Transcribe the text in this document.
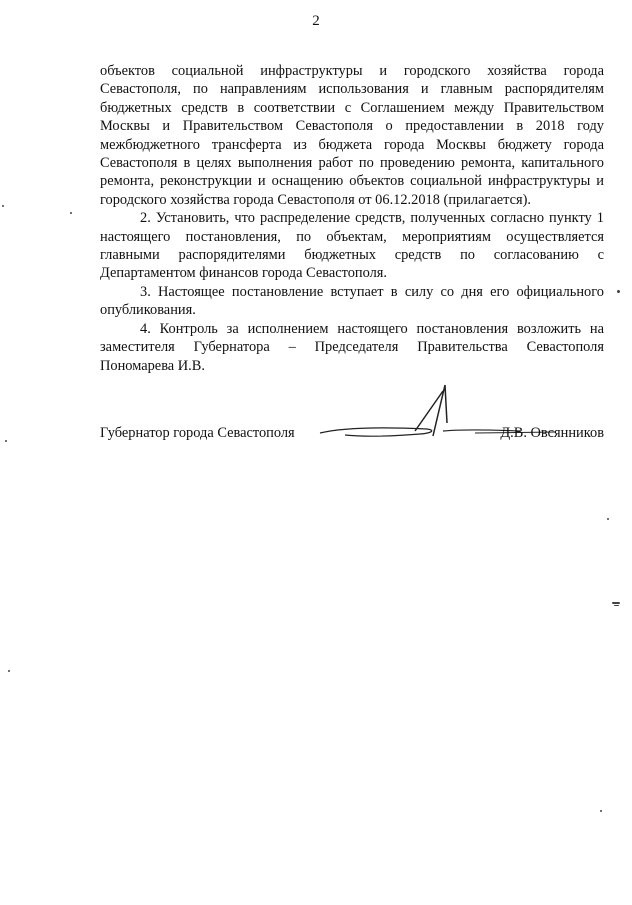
2

объектов социальной инфраструктуры и городского хозяйства города Севастополя, по направлениям использования и главным распорядителям бюджетных средств в соответствии с Соглашением между Правительством Москвы и Правительством Севастополя о предоставлении в 2018 году межбюджетного трансферта из бюджета города Москвы бюджету города Севастополя в целях выполнения работ по проведению ремонта, капитального ремонта, реконструкции и оснащению объектов социальной инфраструктуры и городского хозяйства города Севастополя от 06.12.2018 (прилагается).

2. Установить, что распределение средств, полученных согласно пункту 1 настоящего постановления, по объектам, мероприятиям осуществляется главными распорядителями бюджетных средств по согласованию с Департаментом финансов города Севастополя.

3. Настоящее постановление вступает в силу со дня его официального опубликования.

4. Контроль за исполнением настоящего постановления возложить на заместителя Губернатора – Председателя Правительства Севастополя Пономарева И.В.

Губернатор города Севастополя	Д.В. Овсянников
